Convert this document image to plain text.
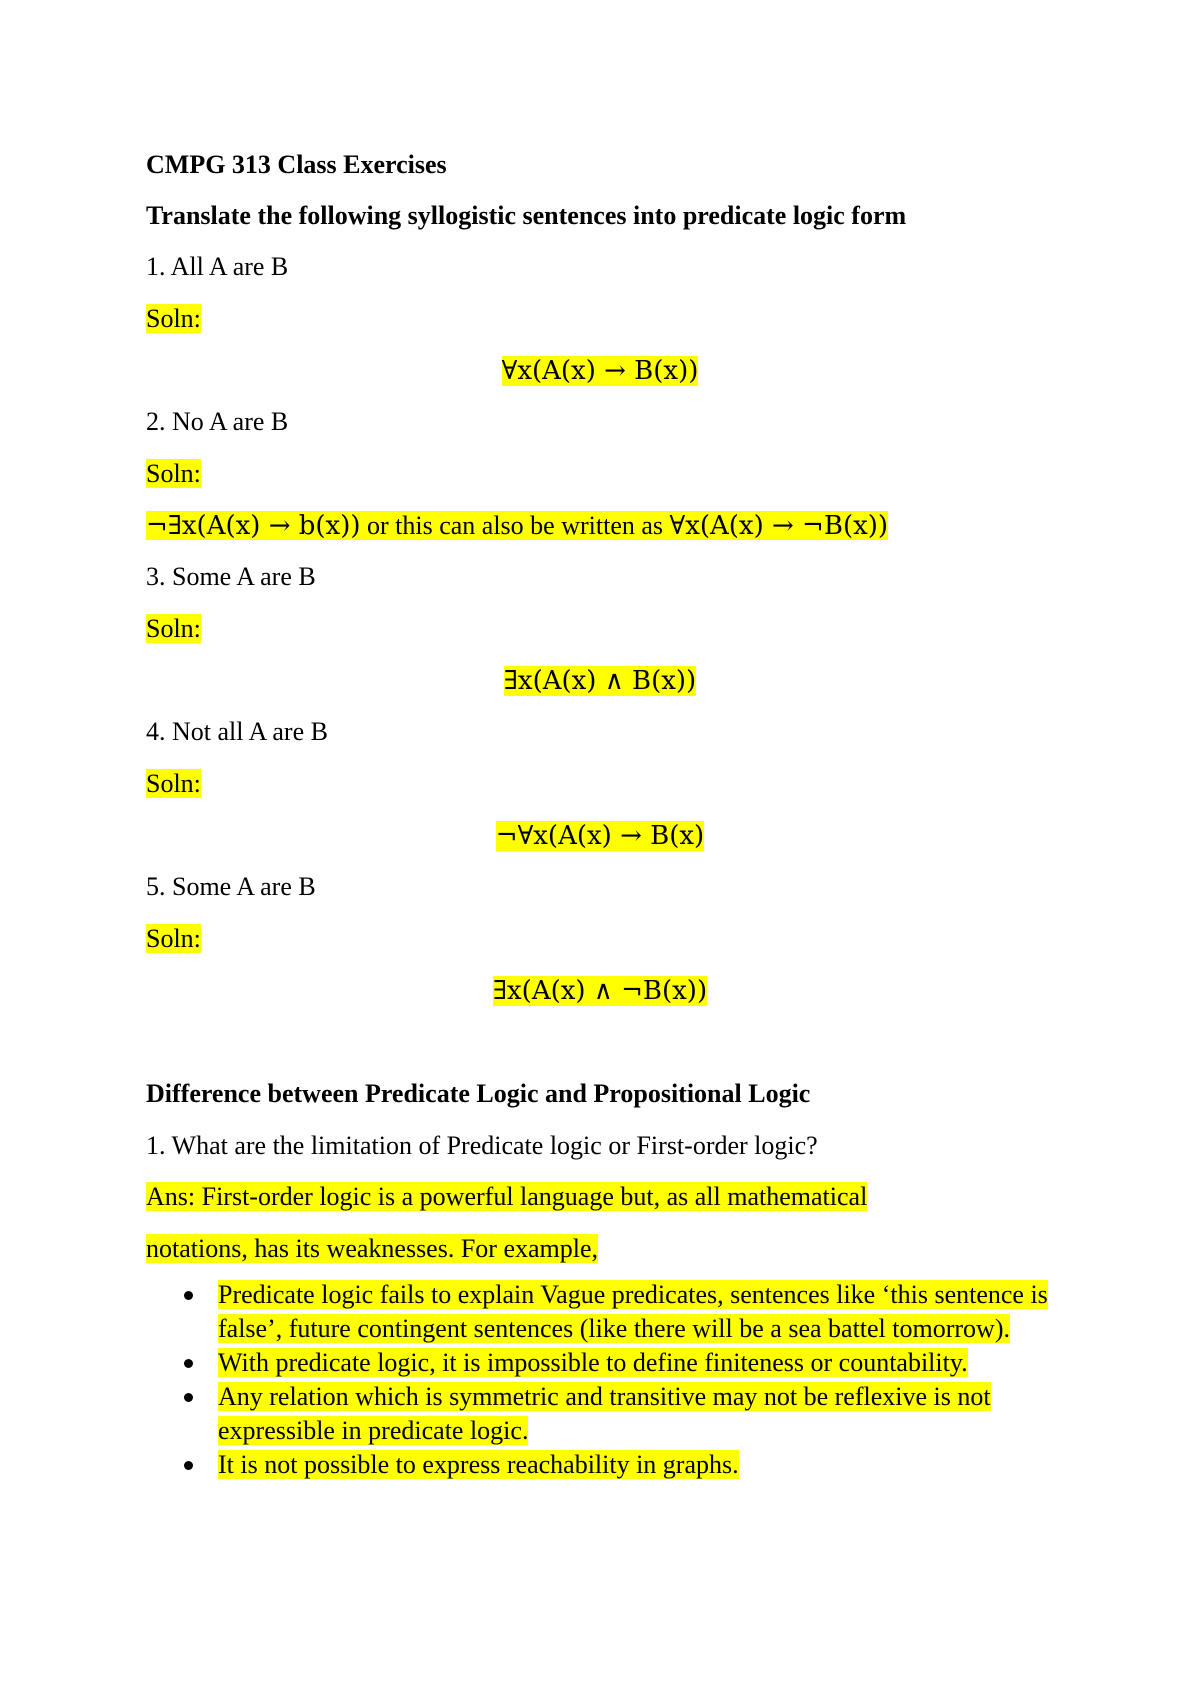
CMPG 313 Class Exercises
Translate the following syllogistic sentences into predicate logic form
1. All A are B
Soln:
∀x(A(x) → B(x))
2. No A are B
Soln:
¬∃x(A(x) → b(x)) or this can also be written as ∀x(A(x) → ¬B(x))
3. Some A are B
Soln:
∃x(A(x) ∧ B(x))
4. Not all A are B
Soln:
¬∀x(A(x) → B(x)
5. Some A are B
Soln:
∃x(A(x) ∧ ¬B(x))
Difference between Predicate Logic and Propositional Logic
1. What are the limitation of Predicate logic or First-order logic?
Ans: First-order logic is a powerful language but, as all mathematical
notations, has its weaknesses. For example,
Predicate logic fails to explain Vague predicates, sentences like ‘this sentence is false’, future contingent sentences (like there will be a sea battel tomorrow).
With predicate logic, it is impossible to define finiteness or countability.
Any relation which is symmetric and transitive may not be reflexive is not expressible in predicate logic.
It is not possible to express reachability in graphs.
